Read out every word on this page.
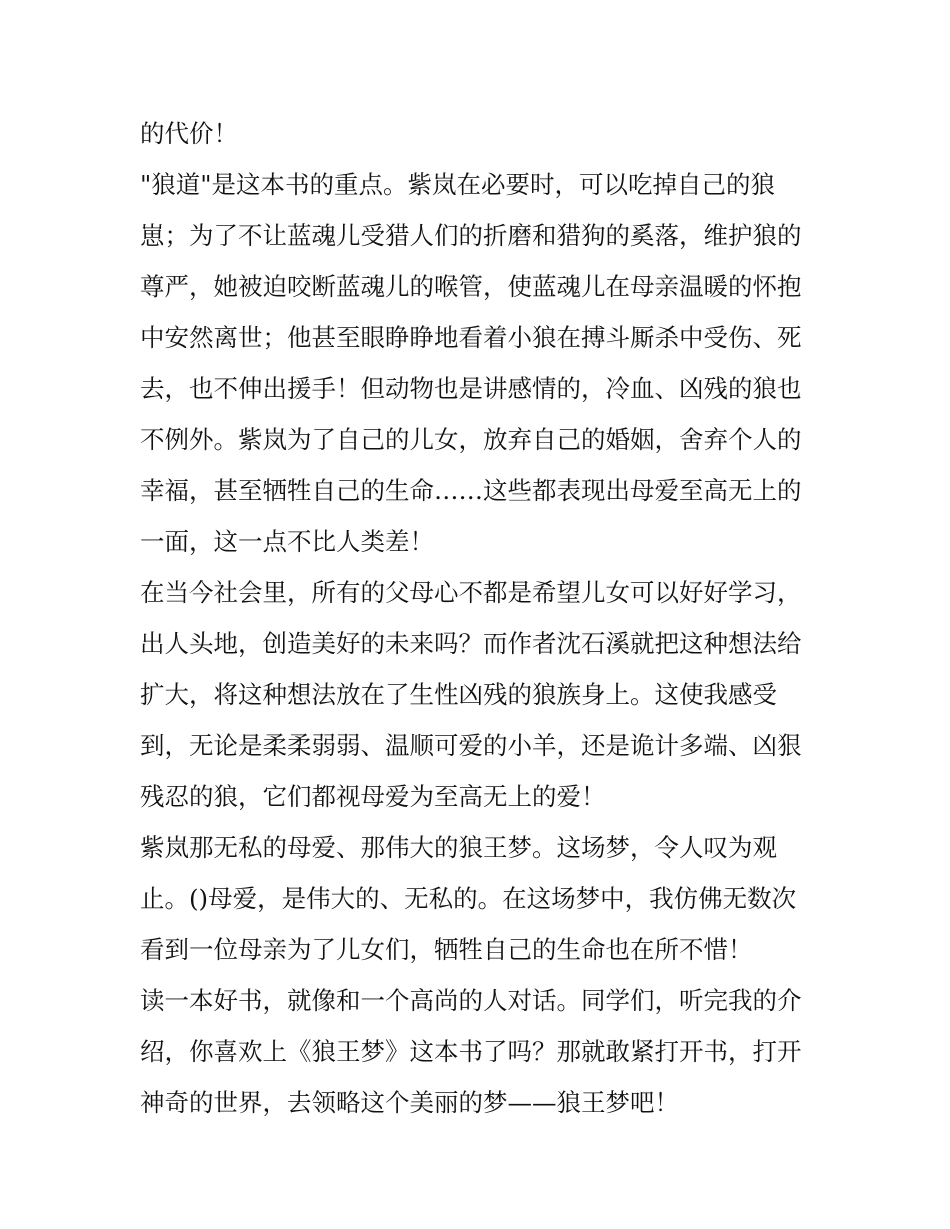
的代价！
"狼道"是这本书的重点。紫岚在必要时，可以吃掉自己的狼
崽；为了不让蓝魂儿受猎人们的折磨和猎狗的奚落，维护狼的
尊严，她被迫咬断蓝魂儿的喉管，使蓝魂儿在母亲温暖的怀抱
中安然离世；他甚至眼睁睁地看着小狼在搏斗厮杀中受伤、死
去，也不伸出援手！但动物也是讲感情的，冷血、凶残的狼也
不例外。紫岚为了自己的儿女，放弃自己的婚姻，舍弃个人的
幸福，甚至牺牲自己的生命……这些都表现出母爱至高无上的
一面，这一点不比人类差！
在当今社会里，所有的父母心不都是希望儿女可以好好学习，
出人头地，创造美好的未来吗？而作者沈石溪就把这种想法给
扩大，将这种想法放在了生性凶残的狼族身上。这使我感受
到，无论是柔柔弱弱、温顺可爱的小羊，还是诡计多端、凶狠
残忍的狼，它们都视母爱为至高无上的爱！
紫岚那无私的母爱、那伟大的狼王梦。这场梦，令人叹为观
止。()母爱，是伟大的、无私的。在这场梦中，我仿佛无数次
看到一位母亲为了儿女们，牺牲自己的生命也在所不惜！
读一本好书，就像和一个高尚的人对话。同学们，听完我的介
绍，你喜欢上《狼王梦》这本书了吗？那就敢紧打开书，打开
神奇的世界，去领略这个美丽的梦——狼王梦吧！
